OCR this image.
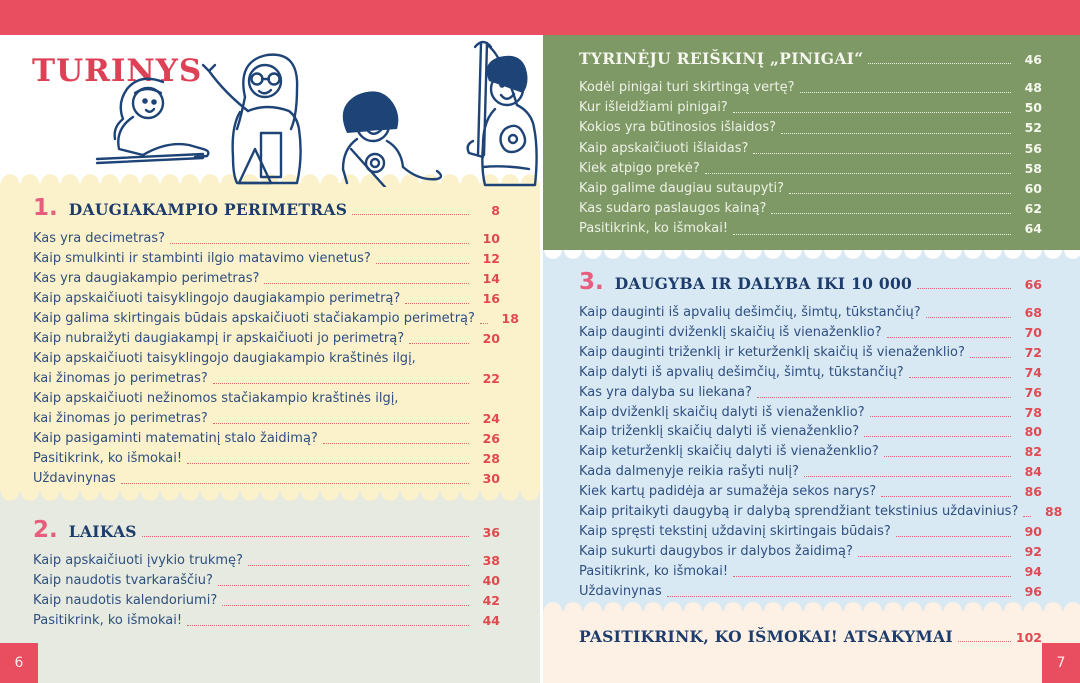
TURINYS
1. DAUGIAKAMPIO PERIMETRAS	8
Kas yra decimetras?	10
Kaip smulkinti ir stambinti ilgio matavimo vienetus?	12
Kas yra daugiakampio perimetras?	14
Kaip apskaičiuoti taisyklingojo daugiakampio perimetrą?	16
Kaip galima skirtingais būdais apskaičiuoti stačiakampio perimetrą?	18
Kaip nubraižyti daugiakampį ir apskaičiuoti jo perimetrą?	20
Kaip apskaičiuoti taisyklingojo daugiakampio kraštinės ilgį,
kai žinomas jo perimetras?	22
Kaip apskaičiuoti nežinomos stačiakampio kraštinės ilgį,
kai žinomas jo perimetras?	24
Kaip pasigaminti matematinį stalo žaidimą?	26
Pasitikrink, ko išmokai!	28
Uždavinynas	30
2. LAIKAS	36
Kaip apskaičiuoti įvykio trukmę?	38
Kaip naudotis tvarkaraščiu?	40
Kaip naudotis kalendoriumi?	42
Pasitikrink, ko išmokai!	44
6
TYRINĖJU REIŠKINĮ „PINIGAI“	46
Kodėl pinigai turi skirtingą vertę?	48
Kur išleidžiami pinigai?	50
Kokios yra būtinosios išlaidos?	52
Kaip apskaičiuoti išlaidas?	56
Kiek atpigo prekė?	58
Kaip galime daugiau sutaupyti?	60
Kas sudaro paslaugos kainą?	62
Pasitikrink, ko išmokai!	64
3. DAUGYBA IR DALYBA IKI 10 000	66
Kaip dauginti iš apvalių dešimčių, šimtų, tūkstančių?	68
Kaip dauginti dviženklį skaičių iš vienaženklio?	70
Kaip dauginti triženklį ir keturženklį skaičių iš vienaženklio?	72
Kaip dalyti iš apvalių dešimčių, šimtų, tūkstančių?	74
Kas yra dalyba su liekana?	76
Kaip dviženklį skaičių dalyti iš vienaženklio?	78
Kaip triženklį skaičių dalyti iš vienaženklio?	80
Kaip keturženklį skaičių dalyti iš vienaženklio?	82
Kada dalmenyje reikia rašyti nulį?	84
Kiek kartų padidėja ar sumažėja sekos narys?	86
Kaip pritaikyti daugybą ir dalybą sprendžiant tekstinius uždavinius?	88
Kaip spręsti tekstinį uždavinį skirtingais būdais?	90
Kaip sukurti daugybos ir dalybos žaidimą?	92
Pasitikrink, ko išmokai!	94
Uždavinynas	96
PASITIKRINK, KO IŠMOKAI! ATSAKYMAI	102
7
